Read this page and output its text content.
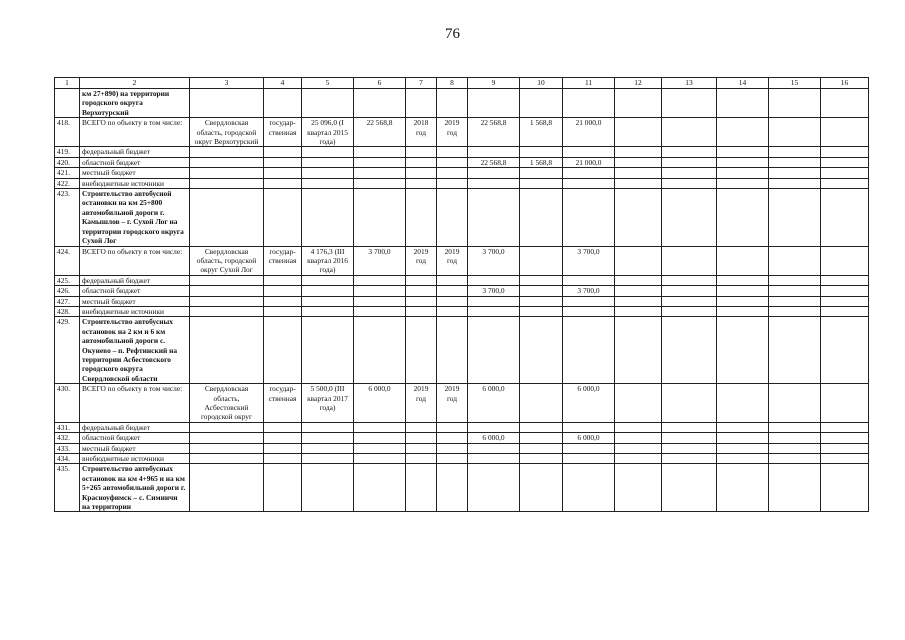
76
1	2	3	4	5	6	7	8	9	10	11	12	13	14	15	16
	км 27+890) на территории городского округа Верхотурский														
418.	ВСЕГО по объекту в том числе:	Свердловская область, городской округ Верхотурский	государ- ственная	25 096,0 (I квартал 2015 года)	22 568,8	2018 год	2019 год	22 568,8	1 568,8	21 000,0					
419.	федеральный бюджет														
420.	областной бюджет							22 568,8	1 568,8	21 000,0					
421.	местный бюджет														
422.	внебюджетные источники														
423.	Строительство автобусной остановки на км 25+800 автомобильной дороги г. Камышлов – г. Сухой Лог на территории городского округа Сухой Лог														
424.	ВСЕГО по объекту в том числе:	Свердловская область, городской округ Сухой Лог	государ- ственная	4 176,3 (III квартал 2016 года)	3 700,0	2019 год	2019 год	3 700,0		3 700,0					
425.	федеральный бюджет														
426.	областной бюджет							3 700,0		3 700,0					
427.	местный бюджет														
428.	внебюджетные источники														
429.	Строительство автобусных остановок на 2 км и 6 км автомобильной дороги с. Окунево – п. Рефтинский на территории Асбестовского городского округа Свердловской области														
430.	ВСЕГО по объекту в том числе:	Свердловская область, Асбестовский городской округ	государ- ственная	5 500,0 (III квартал 2017 года)	6 000,0	2019 год	2019 год	6 000,0		6 000,0					
431.	федеральный бюджет														
432.	областной бюджет							6 000,0		6 000,0					
433.	местный бюджет														
434.	внебюджетные источники														
435.	Строительство автобусных остановок на км 4+965 и на км 5+265 автомобильной дороги г. Красноуфимск – с. Симинчи на территории														
